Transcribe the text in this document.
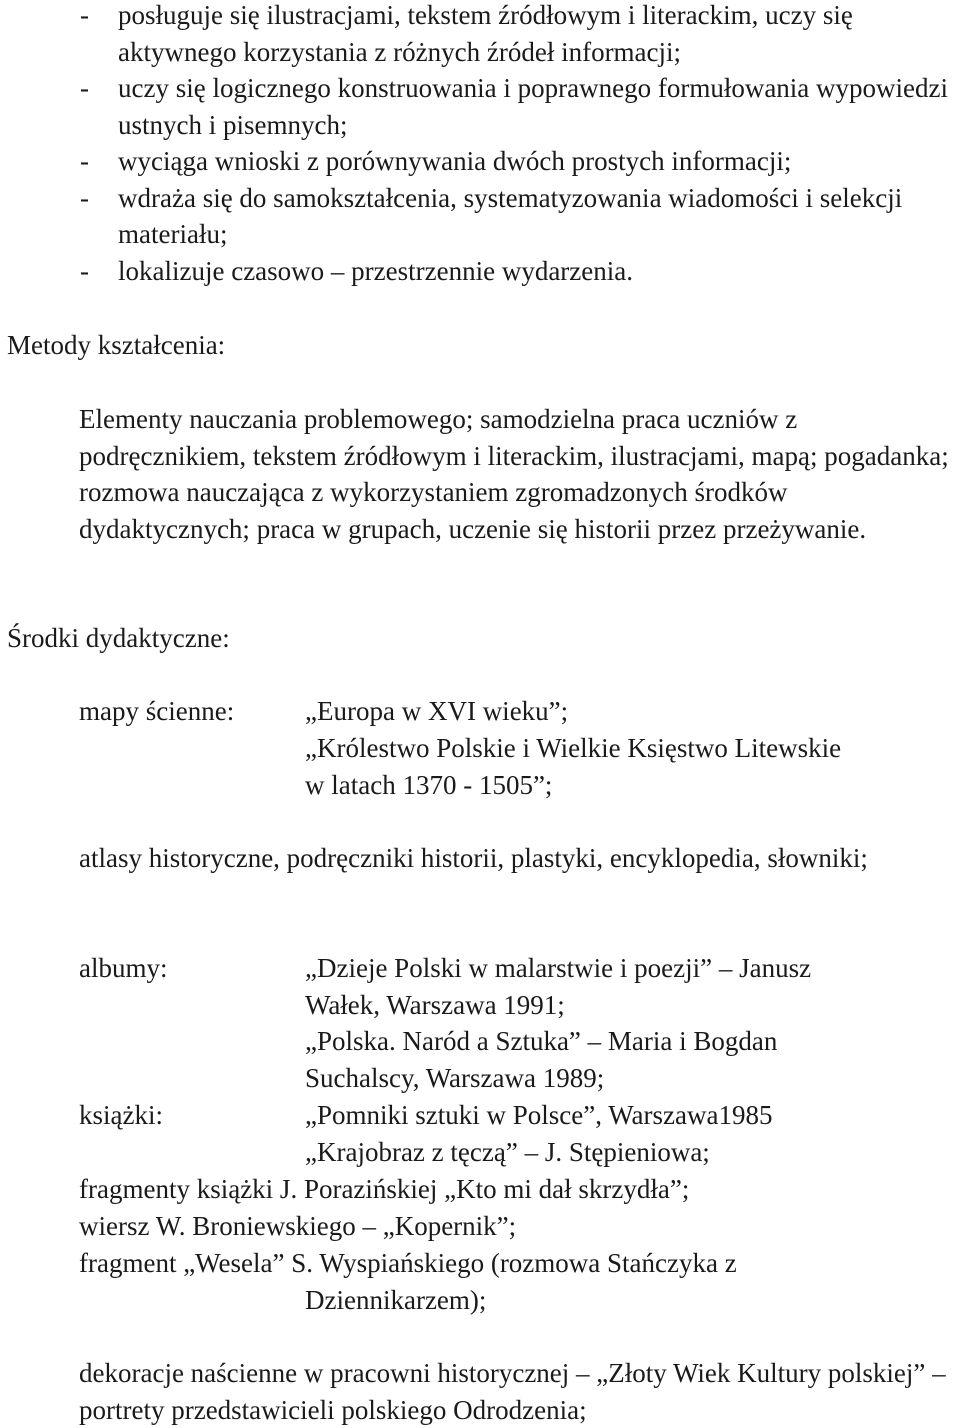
- posługuje się ilustracjami, tekstem źródłowym i literackim, uczy się aktywnego korzystania z różnych źródeł informacji;
- uczy się logicznego konstruowania i poprawnego formułowania wypowiedzi ustnych i pisemnych;
- wyciąga wnioski z porównywania dwóch prostych informacji;
- wdraża się do samokształcenia, systematyzowania wiadomości i selekcji materiału;
- lokalizuje czasowo – przestrzennie wydarzenia.
Metody kształcenia:

Elementy nauczania problemowego; samodzielna praca uczniów z podręcznikiem, tekstem źródłowym i literackim, ilustracjami, mapą; pogadanka; rozmowa nauczająca z wykorzystaniem zgromadzonych środków dydaktycznych; praca w grupach, uczenie się historii przez przeżywanie.

Środki dydaktyczne:
mapy ścienne:	„Europa w XVI wieku”;
„Królestwo Polskie i Wielkie Księstwo Litewskie
w latach 1370 - 1505”;
atlasy historyczne, podręczniki historii, plastyki, encyklopedia, słowniki;
albumy:	„Dzieje Polski w malarstwie i poezji” – Janusz
Wałek, Warszawa 1991;
„Polska. Naród a Sztuka” – Maria i Bogdan
Suchalscy, Warszawa 1989;
książki:	„Pomniki sztuki w Polsce”, Warszawa1985
„Krajobraz z tęczą” – J. Stępieniowa;
fragmenty książki J. Porazińskiej „Kto mi dał skrzydła”;
wiersz W. Broniewskiego – „Kopernik”;
fragment „Wesela” S. Wyspiańskiego (rozmowa Stańczyka z
Dziennikarzem);
dekoracje naścienne w pracowni historycznej – „Złoty Wiek Kultury polskiej” – portrety przedstawicieli polskiego Odrodzenia;
